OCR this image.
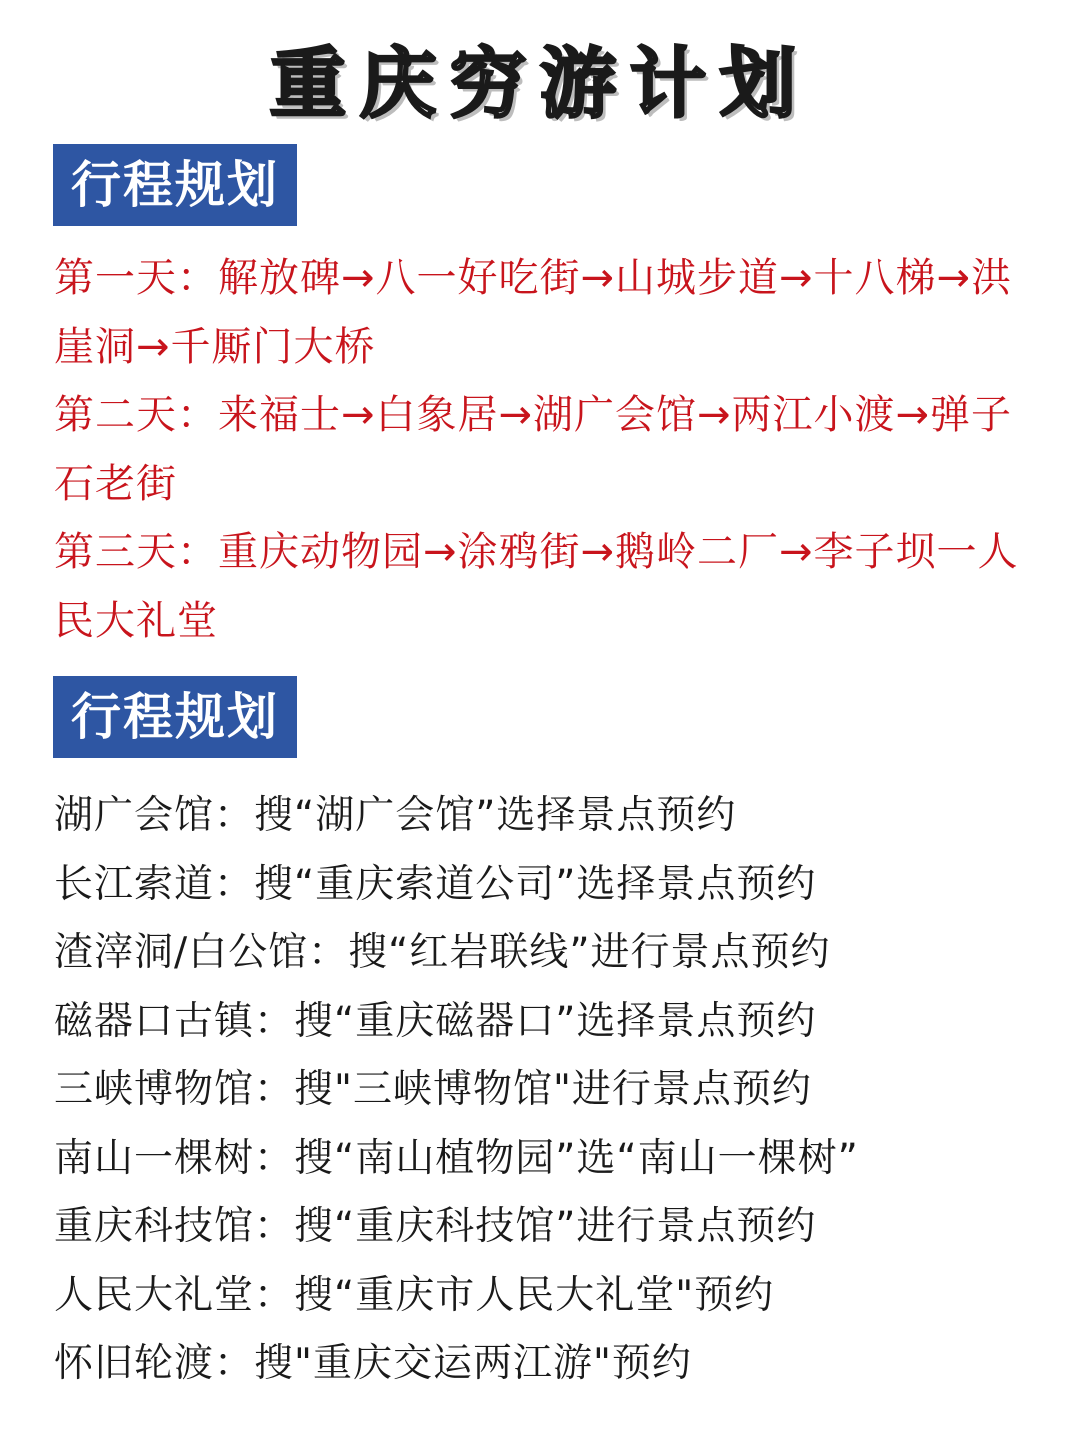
重庆穷游计划
行程规划
第一天：解放碑→八一好吃街→山城步道→十八梯→洪崖洞→千厮门大桥
第二天：来福士→白象居→湖广会馆→两江小渡→弹子石老街
第三天：重庆动物园→涂鸦街→鹅岭二厂→李子坝一人民大礼堂
行程规划
湖广会馆：搜“湖广会馆”选择景点预约
长江索道：搜“重庆索道公司”选择景点预约
渣滓洞/白公馆：搜“红岩联线”进行景点预约
磁器口古镇：搜“重庆磁器口”选择景点预约
三峡博物馆：搜"三峡博物馆"进行景点预约
南山一棵树：搜“南山植物园”选“南山一棵树”
重庆科技馆：搜“重庆科技馆”进行景点预约
人民大礼堂：搜“重庆市人民大礼堂"预约
怀旧轮渡：搜"重庆交运两江游"预约
